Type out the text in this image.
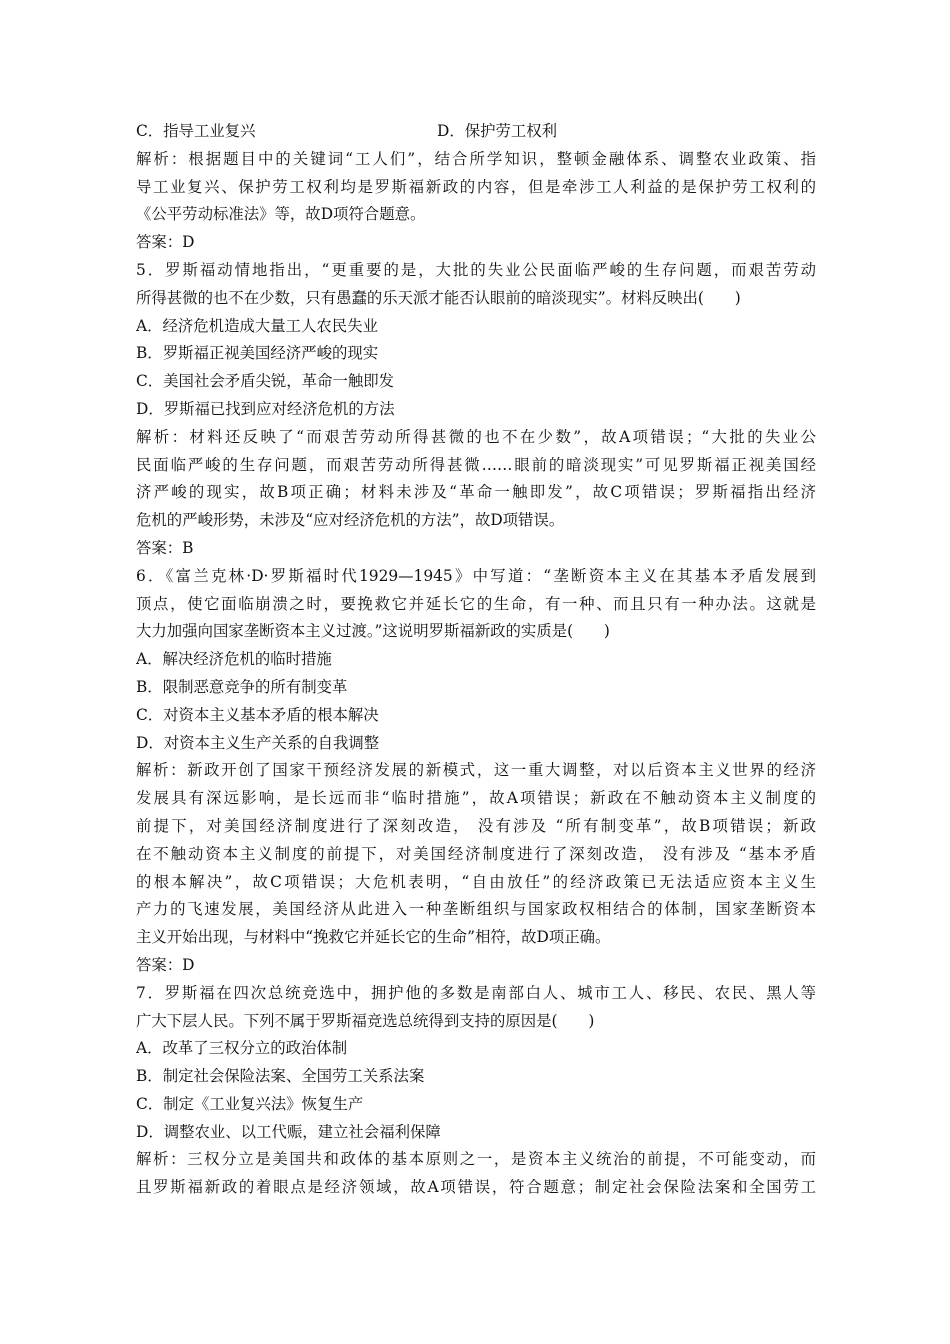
C．指导工业复兴	D．保护劳工权利
解析：根据题目中的关键词“工人们”，结合所学知识，整顿金融体系、调整农业政策、指
导工业复兴、保护劳工权利均是罗斯福新政的内容，但是牵涉工人利益的是保护劳工权利的
《公平劳动标准法》等，故D项符合题意。
答案：D
5．罗斯福动情地指出，“更重要的是，大批的失业公民面临严峻的生存问题，而艰苦劳动
所得甚微的也不在少数，只有愚蠢的乐天派才能否认眼前的暗淡现实”。材料反映出(　　)
A．经济危机造成大量工人农民失业
B．罗斯福正视美国经济严峻的现实
C．美国社会矛盾尖锐，革命一触即发
D．罗斯福已找到应对经济危机的方法
解析：材料还反映了“而艰苦劳动所得甚微的也不在少数”，故A项错误；“大批的失业公
民面临严峻的生存问题，而艰苦劳动所得甚微……眼前的暗淡现实”可见罗斯福正视美国经
济严峻的现实，故B项正确；材料未涉及“革命一触即发”，故C项错误；罗斯福指出经济
危机的严峻形势，未涉及“应对经济危机的方法”，故D项错误。
答案：B
6．《富兰克林·D·罗斯福时代1929—1945》中写道：“垄断资本主义在其基本矛盾发展到
顶点，使它面临崩溃之时，要挽救它并延长它的生命，有一种、而且只有一种办法。这就是
大力加强向国家垄断资本主义过渡。”这说明罗斯福新政的实质是(　　)
A．解决经济危机的临时措施
B．限制恶意竞争的所有制变革
C．对资本主义基本矛盾的根本解决
D．对资本主义生产关系的自我调整
解析：新政开创了国家干预经济发展的新模式，这一重大调整，对以后资本主义世界的经济
发展具有深远影响，是长远而非“临时措施”，故A项错误；新政在不触动资本主义制度的
前提下，对美国经济制度进行了深刻改造， 没有涉及 “所有制变革”，故B项错误；新政
在不触动资本主义制度的前提下，对美国经济制度进行了深刻改造， 没有涉及 “基本矛盾
的根本解决”，故C项错误；大危机表明，“自由放任”的经济政策已无法适应资本主义生
产力的飞速发展，美国经济从此进入一种垄断组织与国家政权相结合的体制，国家垄断资本
主义开始出现，与材料中“挽救它并延长它的生命”相符，故D项正确。
答案：D
7．罗斯福在四次总统竞选中，拥护他的多数是南部白人、城市工人、移民、农民、黑人等
广大下层人民。下列不属于罗斯福竞选总统得到支持的原因是(　　)
A．改革了三权分立的政治体制
B．制定社会保险法案、全国劳工关系法案
C．制定《工业复兴法》恢复生产
D．调整农业、以工代赈，建立社会福利保障
解析：三权分立是美国共和政体的基本原则之一，是资本主义统治的前提，不可能变动，而
且罗斯福新政的着眼点是经济领域，故A项错误，符合题意；制定社会保险法案和全国劳工
